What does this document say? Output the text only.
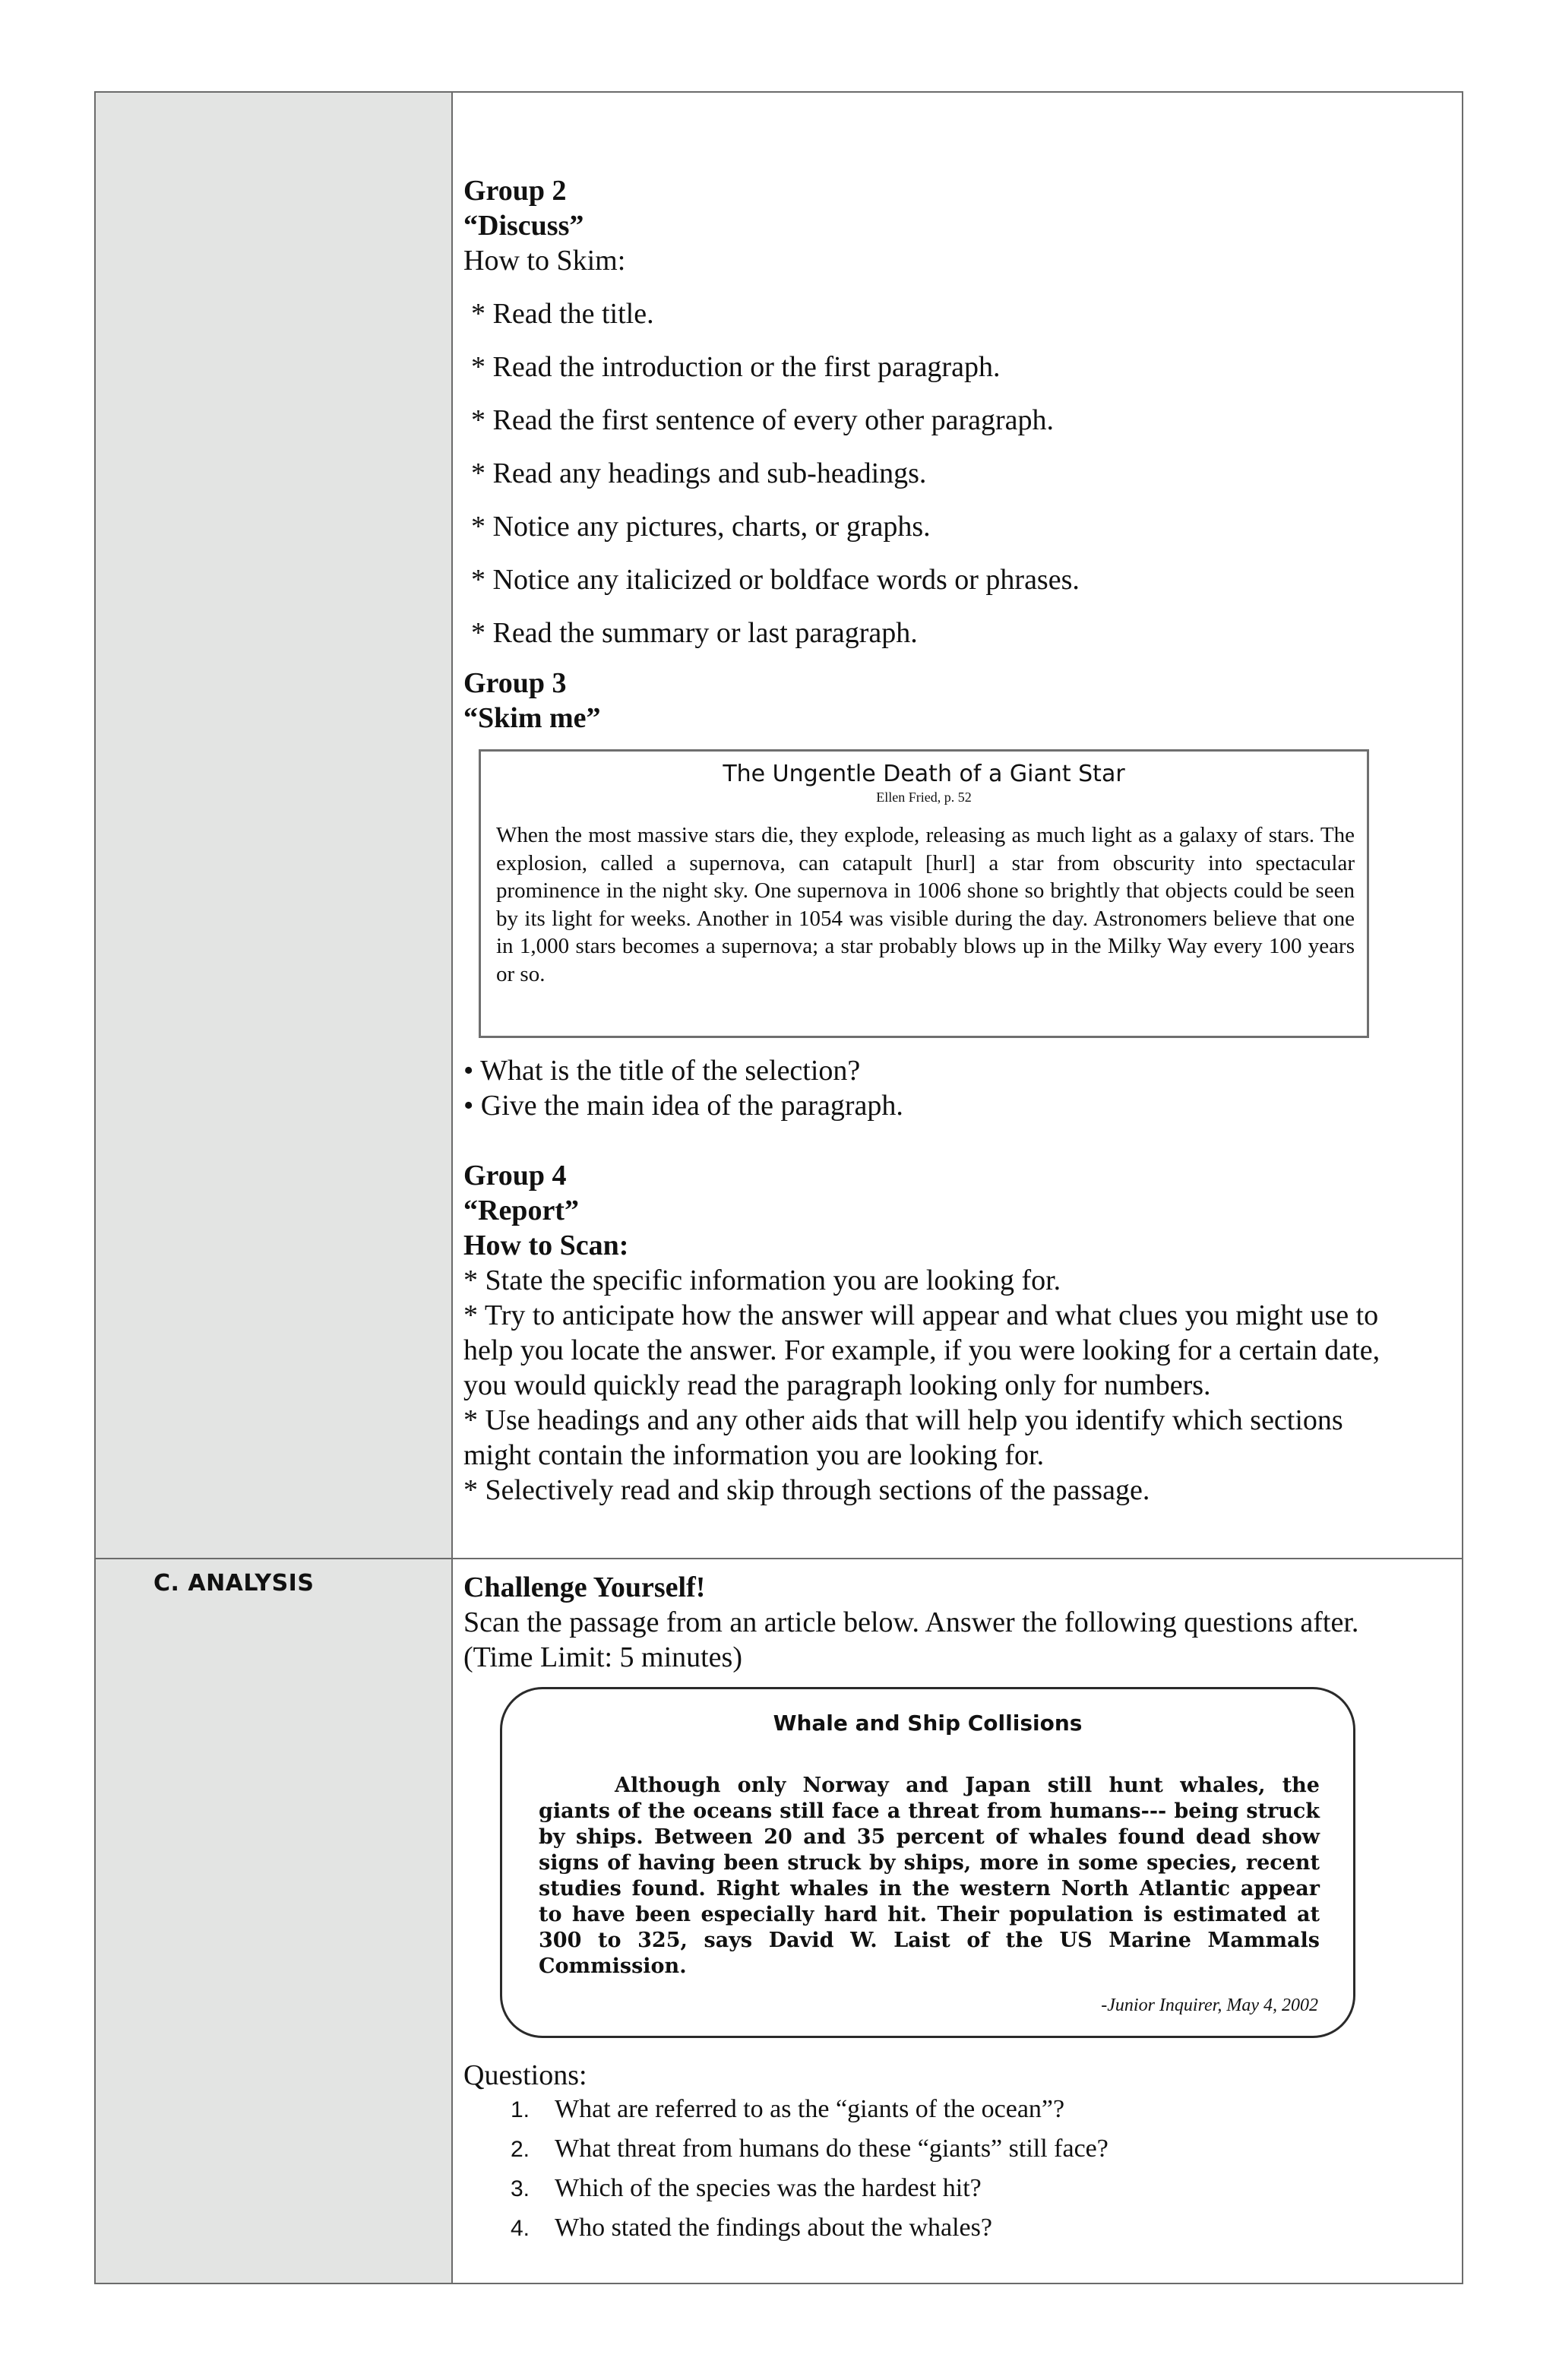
C. ANALYSIS
Group 2
“Discuss”
How to Skim:
* Read the title.
* Read the introduction or the first paragraph.
* Read the first sentence of every other paragraph.
* Read any headings and sub-headings.
* Notice any pictures, charts, or graphs.
* Notice any italicized or boldface words or phrases.
* Read the summary or last paragraph.
Group 3
“Skim me”
The Ungentle Death of a Giant Star
Ellen Fried, p. 52
When the most massive stars die, they explode, releasing as much light as a galaxy of stars. The explosion, called a supernova, can catapult [hurl] a star from obscurity into spectacular prominence in the night sky. One supernova in 1006 shone so brightly that objects could be seen by its light for weeks. Another in 1054 was visible during the day. Astronomers believe that one in 1,000 stars becomes a supernova; a star probably blows up in the Milky Way every 100 years or so.
• What is the title of the selection?
• Give the main idea of the paragraph.
Group 4
“Report”
How to Scan:
* State the specific information you are looking for.
* Try to anticipate how the answer will appear and what clues you might use to
help you locate the answer. For example, if you were looking for a certain date,
you would quickly read the paragraph looking only for numbers.
* Use headings and any other aids that will help you identify which sections
might contain the information you are looking for.
* Selectively read and skip through sections of the passage.
Challenge Yourself!
Scan the passage from an article below. Answer the following questions after.
(Time Limit: 5 minutes)
Whale and Ship Collisions
Although only Norway and Japan still hunt whales, the giants of the oceans still face a threat from humans--- being struck by ships. Between 20 and 35 percent of whales found dead show signs of having been struck by ships, more in some species, recent studies found. Right whales in the western North Atlantic appear to have been especially hard hit. Their population is estimated at 300 to 325, says David W. Laist of the US Marine Mammals Commission.
-Junior Inquirer, May 4, 2002
Questions:
1. What are referred to as the “giants of the ocean”?
2. What threat from humans do these “giants” still face?
3. Which of the species was the hardest hit?
4. Who stated the findings about the whales?
